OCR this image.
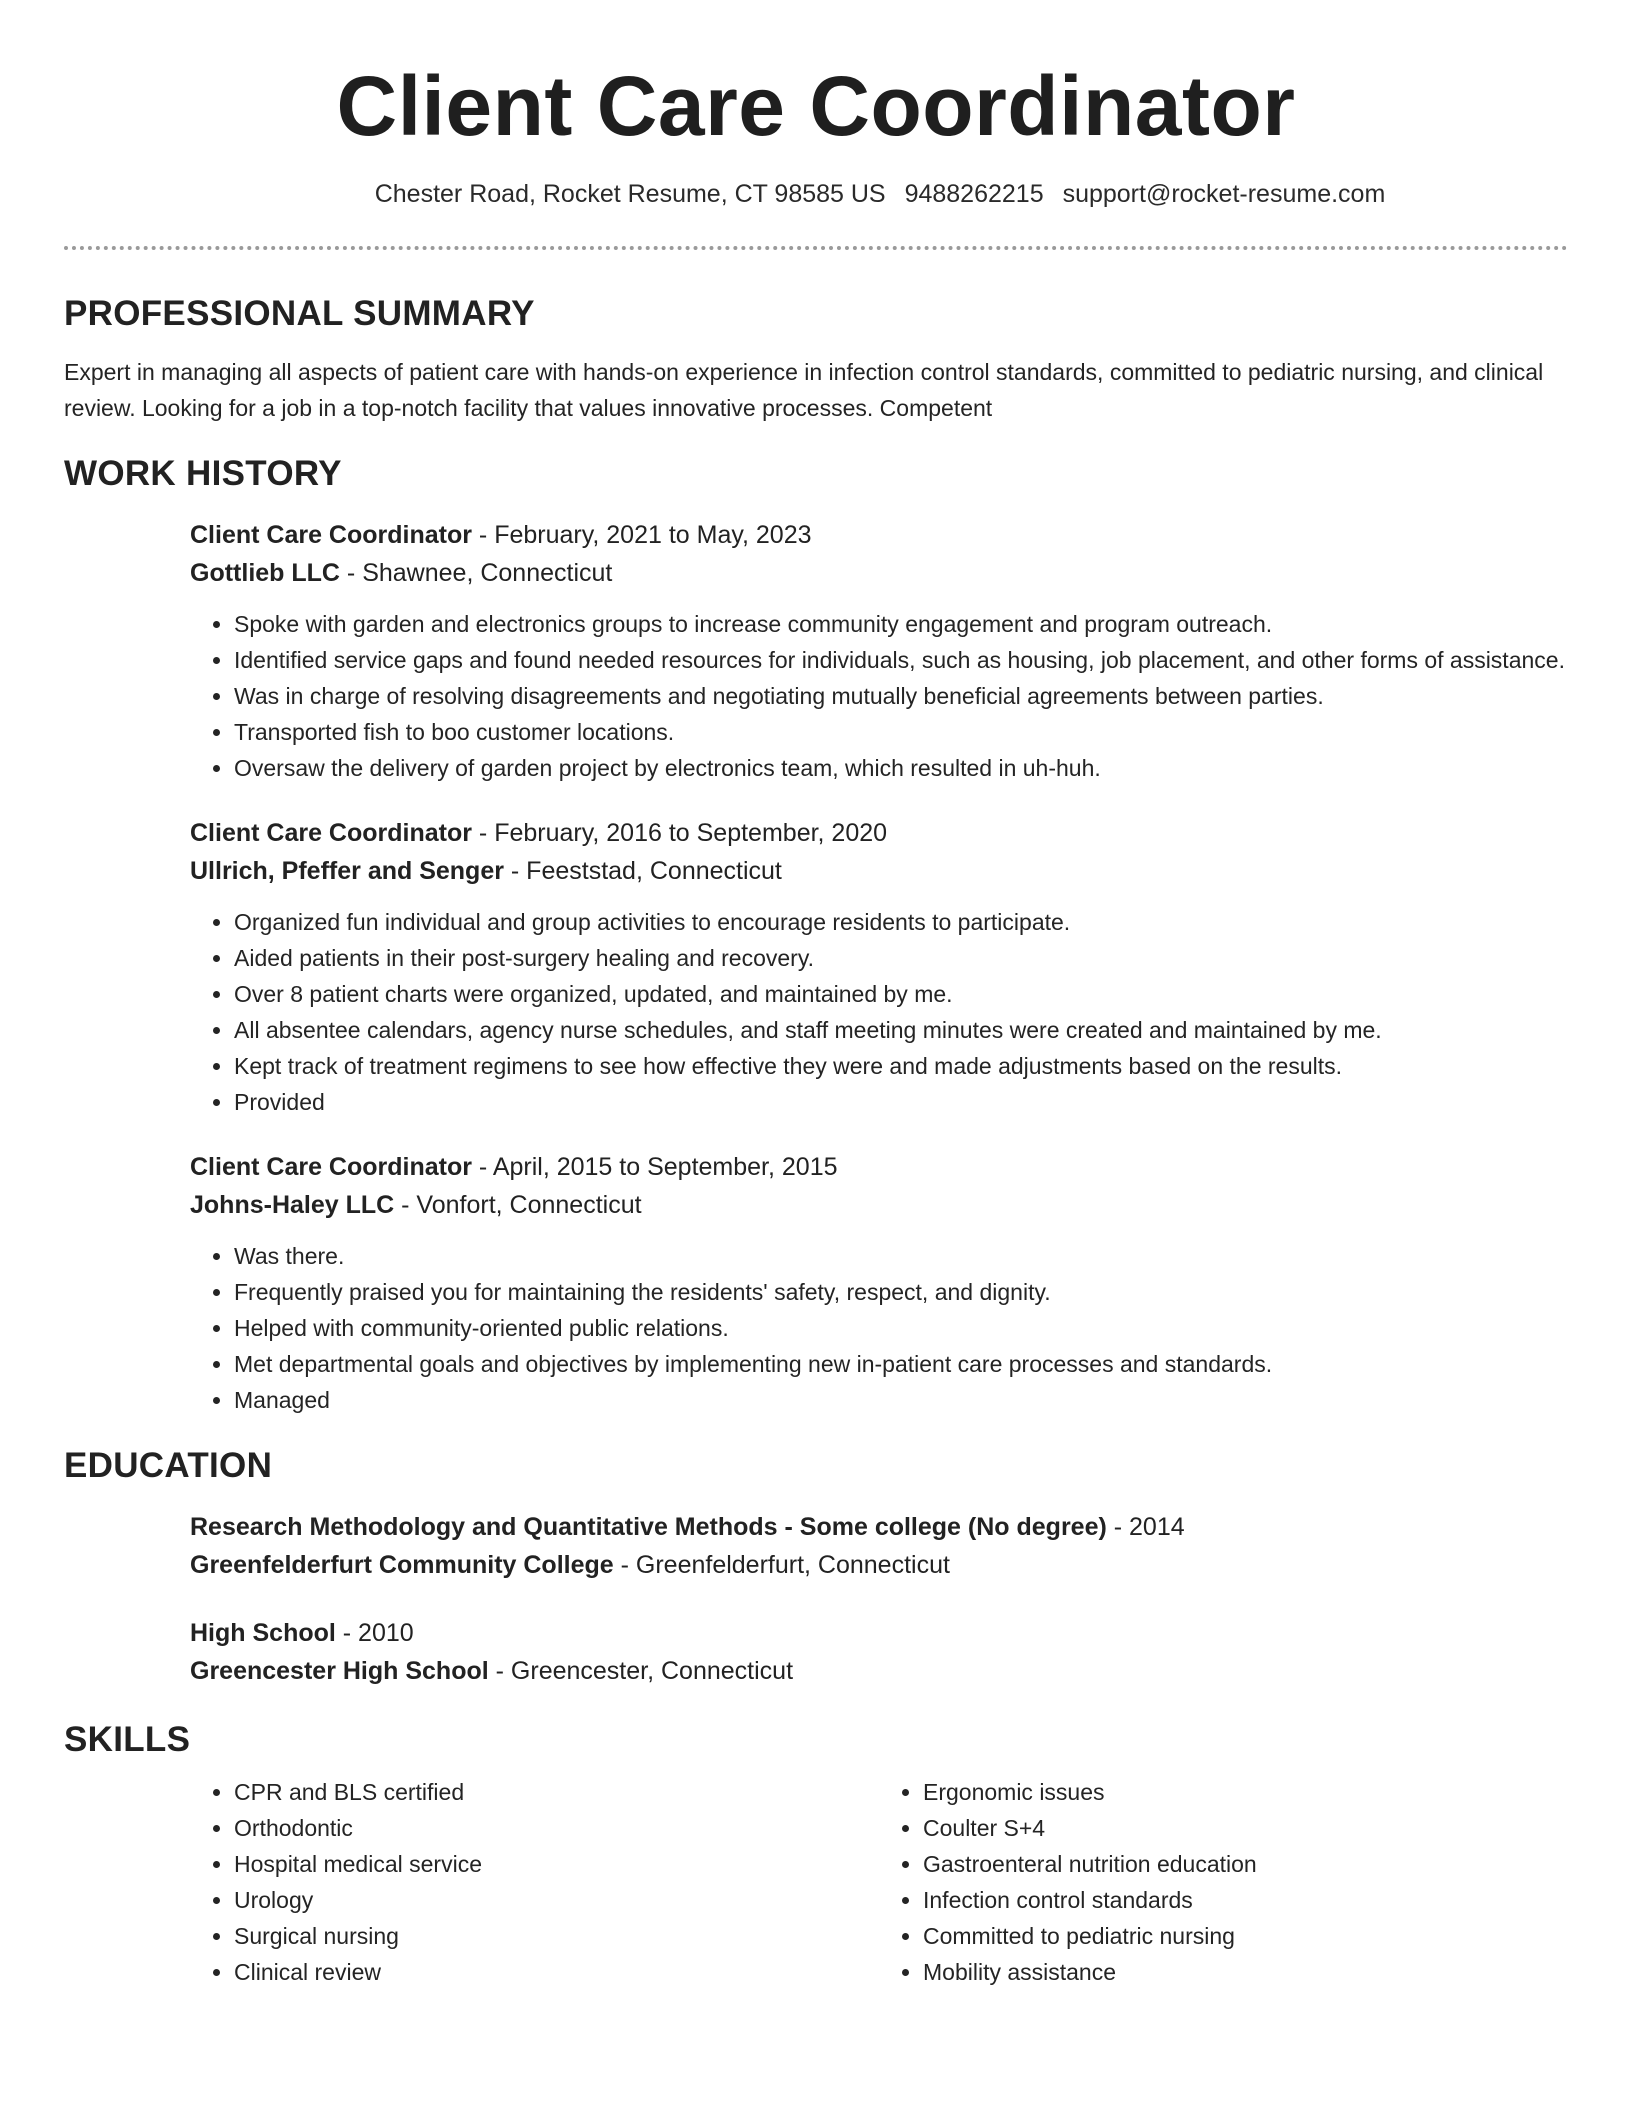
Client Care Coordinator
Chester Road, Rocket Resume, CT 98585 US 9488262215 support@rocket-resume.com
PROFESSIONAL SUMMARY

Expert in managing all aspects of patient care with hands-on experience in infection control standards, committed to pediatric nursing, and clinical review. Looking for a job in a top-notch facility that values innovative processes. Competent

WORK HISTORY
Client Care Coordinator - February, 2021 to May, 2023
Gottlieb LLC - Shawnee, Connecticut
• Spoke with garden and electronics groups to increase community engagement and program outreach.
• Identified service gaps and found needed resources for individuals, such as housing, job placement, and other forms of assistance.
• Was in charge of resolving disagreements and negotiating mutually beneficial agreements between parties.
• Transported fish to boo customer locations.
• Oversaw the delivery of garden project by electronics team, which resulted in uh-huh.
Client Care Coordinator - February, 2016 to September, 2020
Ullrich, Pfeffer and Senger - Feeststad, Connecticut
• Organized fun individual and group activities to encourage residents to participate.
• Aided patients in their post-surgery healing and recovery.
• Over 8 patient charts were organized, updated, and maintained by me.
• All absentee calendars, agency nurse schedules, and staff meeting minutes were created and maintained by me.
• Kept track of treatment regimens to see how effective they were and made adjustments based on the results.
• Provided
Client Care Coordinator - April, 2015 to September, 2015
Johns-Haley LLC - Vonfort, Connecticut
• Was there.
• Frequently praised you for maintaining the residents' safety, respect, and dignity.
• Helped with community-oriented public relations.
• Met departmental goals and objectives by implementing new in-patient care processes and standards.
• Managed
EDUCATION
Research Methodology and Quantitative Methods - Some college (No degree) - 2014
Greenfelderfurt Community College - Greenfelderfurt, Connecticut
High School - 2010
Greencester High School - Greencester, Connecticut
SKILLS
• CPR and BLS certified
• Orthodontic
• Hospital medical service
• Urology
• Surgical nursing
• Clinical review
• Ergonomic issues
• Coulter S+4
• Gastroenteral nutrition education
• Infection control standards
• Committed to pediatric nursing
• Mobility assistance
